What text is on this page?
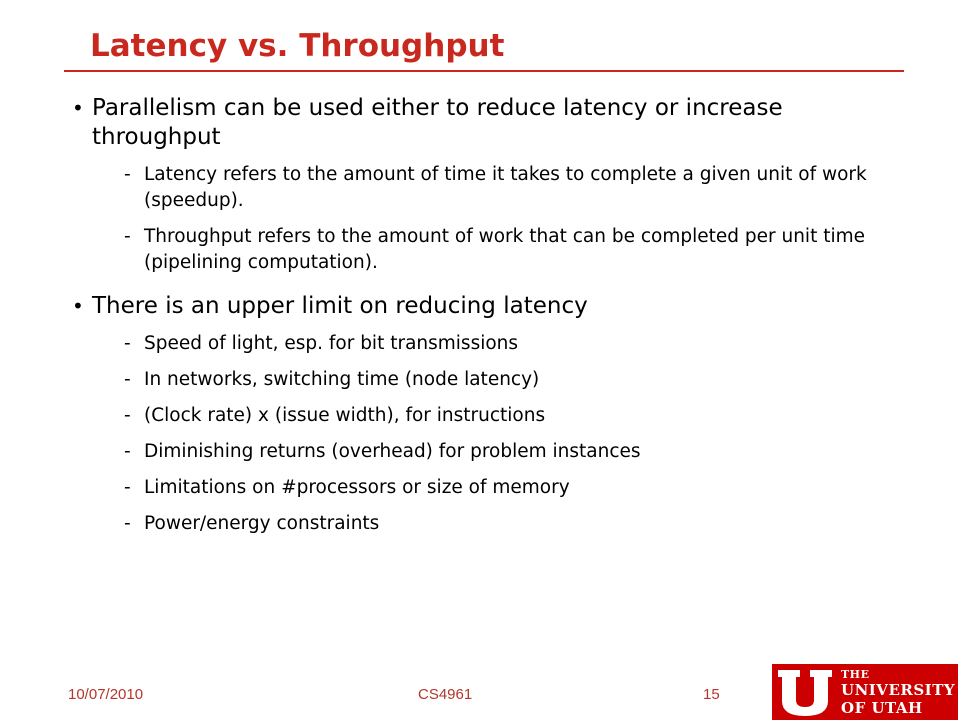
Latency vs. Throughput
• Parallelism can be used either to reduce latency or increase throughput
- Latency refers to the amount of time it takes to complete a given unit of work (speedup).
- Throughput refers to the amount of work that can be completed per unit time (pipelining computation).
• There is an upper limit on reducing latency
- Speed of light, esp. for bit transmissions
- In networks, switching time (node latency)
- (Clock rate) x (issue width), for instructions
- Diminishing returns (overhead) for problem instances
- Limitations on #processors or size of memory
- Power/energy constraints
10/07/2010	CS4961	15
THE
UNIVERSITY
OF UTAH
